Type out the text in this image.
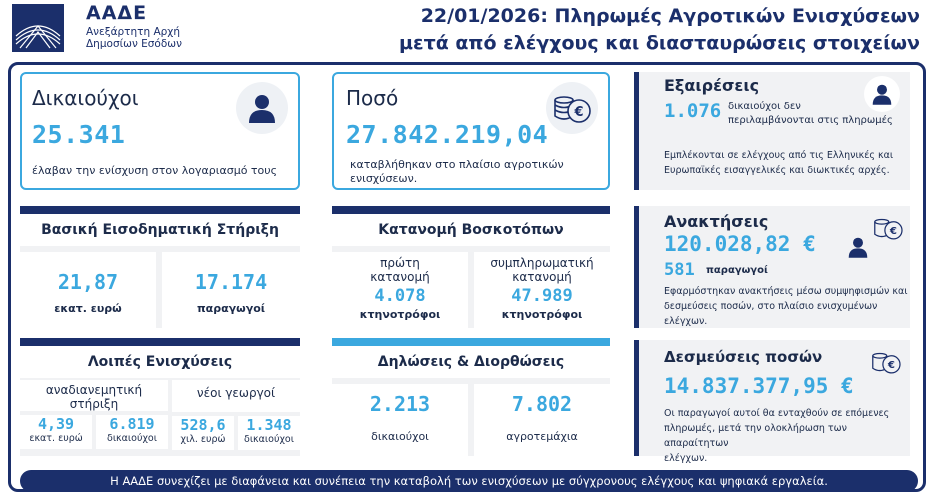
ΑΑΔΕ
Ανεξάρτητη Αρχή
Δημοσίων Εσόδων
22/01/2026: Πληρωμές Αγροτικών Ενισχύσεων
μετά από ελέγχους και διασταυρώσεις στοιχείων
Δικαιούχοι
25.341
έλαβαν την ενίσχυση στον λογαριασμό τους
Ποσό
27.842.219,04
καταβλήθηκαν στο πλαίσιο αγροτικών
ενισχύσεων.
€
Βασική Εισοδηματική Στήριξη
21,87
εκατ. ευρώ
17.174
παραγωγοί
Κατανομή Βοσκοτόπων
πρώτη
κατανομή
4.078
κτηνοτρόφοι
συμπληρωματική
κατανομή
47.989
κτηνοτρόφοι
Λοιπές Ενισχύσεις
αναδιανεμητική
στήριξη
4,39
εκατ. ευρώ
6.819
δικαιούχοι
νέοι γεωργοί
528,6
χιλ. ευρώ
1.348
δικαιούχοι
Δηλώσεις & Διορθώσεις
2.213
δικαιούχοι
7.802
αγροτεμάχια
Εξαιρέσεις
1.076 δικαιούχοι δεν
περιλαμβάνονται στις πληρωμές
Εμπλέκονται σε ελέγχους από τις Ελληνικές και
Ευρωπαϊκές εισαγγελικές και διωκτικές αρχές.
Ανακτήσεις
€
120.028,82 €
581 παραγωγοί
Εφαρμόστηκαν ανακτήσεις μέσω συμψηφισμών και
δεσμεύσεις ποσών, στο πλαίσιο ενισχυμένων
ελέγχων.
Δεσμεύσεις ποσών	€
14.837.377,95 €
Οι παραγωγοί αυτοί θα ενταχθούν σε επόμενες
πληρωμές, μετά την ολοκλήρωση των απαραίτητων
ελέγχων.
Η ΑΑΔΕ συνεχίζει με διαφάνεια και συνέπεια την καταβολή των ενισχύσεων με σύγχρονους ελέγχους και ψηφιακά εργαλεία.
